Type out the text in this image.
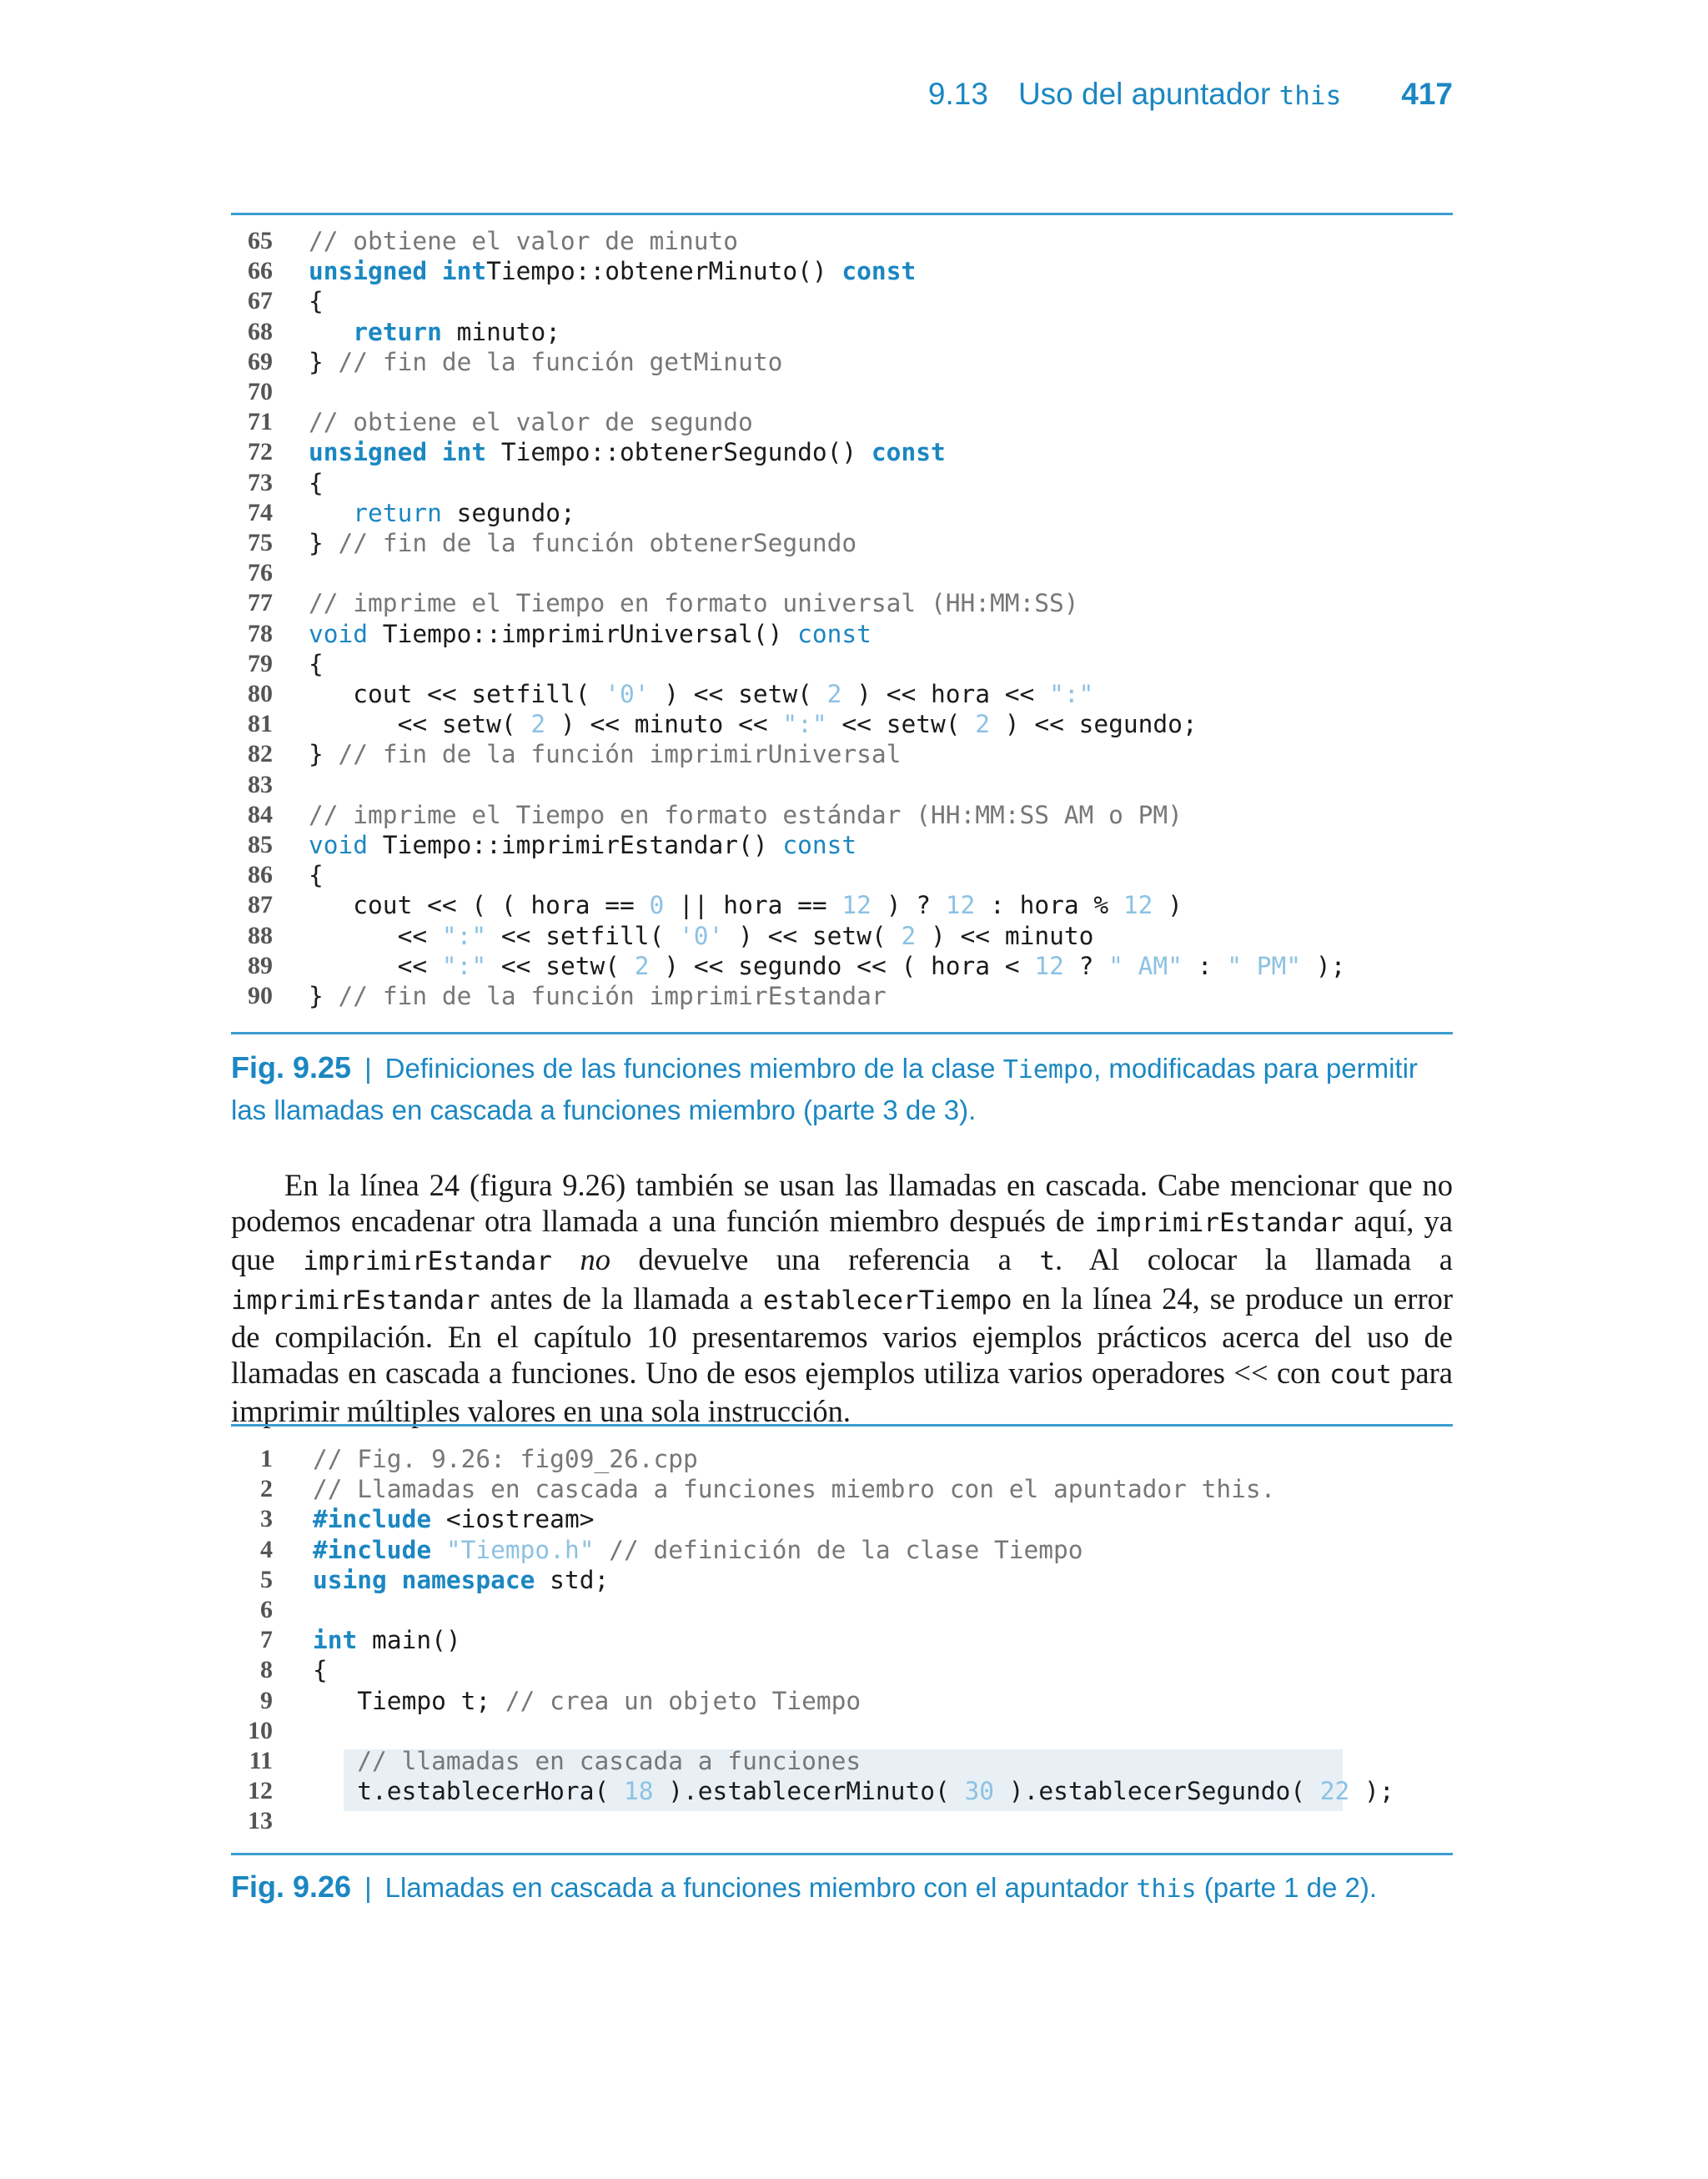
9.13 Uso del apuntador this 417
65 // obtiene el valor de minuto
66 unsigned intTiempo::obtenerMinuto() const
67 {
68	return minuto;
69 } // fin de la función getMinuto
70
71 // obtiene el valor de segundo
72 unsigned int Tiempo::obtenerSegundo() const
73 {
74	return segundo;
75 } // fin de la función obtenerSegundo
76
77 // imprime el Tiempo en formato universal (HH:MM:SS)
78 void Tiempo::imprimirUniversal() const
79 {
80 cout << setfill( '0' ) << setw( 2 ) << hora << ":"
81 << setw( 2 ) << minuto << ":" << setw( 2 ) << segundo;
82 } // fin de la función imprimirUniversal
83
84 // imprime el Tiempo en formato estándar (HH:MM:SS AM o PM)
85 void Tiempo::imprimirEstandar() const
86 {
87 cout << ( ( hora == 0 || hora == 12 ) ? 12 : hora % 12 )
88 << ":" << setfill( '0' ) << setw( 2 ) << minuto
89 << ":" << setw( 2 ) << segundo << ( hora < 12 ? " AM" : " PM" );
90 } // fin de la función imprimirEstandar
Fig. 9.25 | Definiciones de las funciones miembro de la clase Tiempo, modificadas para permitir
las llamadas en cascada a funciones miembro (parte 3 de 3).

En la línea 24 (figura 9.26) también se usan las llamadas en cascada. Cabe mencionar que no podemos encadenar otra llamada a una función miembro después de imprimirEstandar aquí, ya que imprimirEstandar no devuelve una referencia a t. Al colocar la llamada a imprimirEstandar antes de la llamada a establecerTiempo en la línea 24, se produce un error de compilación. En el capítulo 10 presentaremos varios ejemplos prácticos acerca del uso de llamadas en cascada a funciones. Uno de esos ejemplos utiliza varios operadores << con cout para imprimir múltiples valores en una sola instrucción.

1 // Fig. 9.26: fig09_26.cpp
2 // Llamadas en cascada a funciones miembro con el apuntador this.
3 #include <iostream>
4 #include "Tiempo.h" // definición de la clase Tiempo
5 using namespace std;
6
7 int main()
8 {
9 Tiempo t; // crea un objeto Tiempo
10
11	// llamadas en cascada a funciones
12 t.establecerHora( 18 ).establecerMinuto( 30 ).establecerSegundo( 22 );
13
Fig. 9.26 | Llamadas en cascada a funciones miembro con el apuntador this (parte 1 de 2).
